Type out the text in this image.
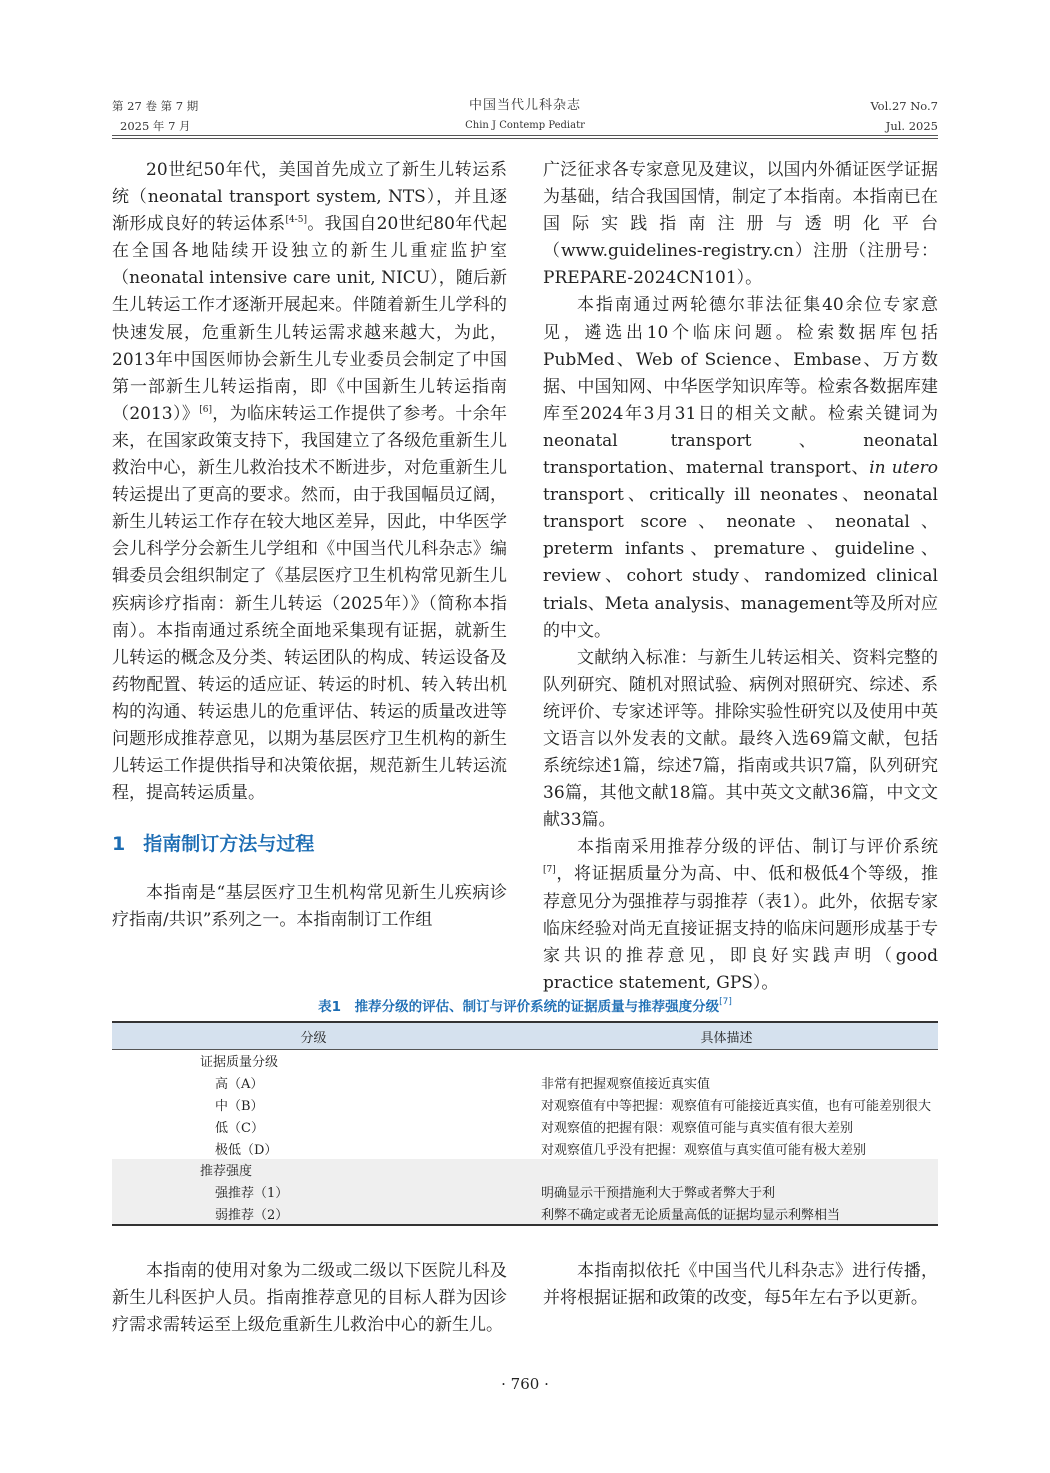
第 27 卷 第 7 期
2025 年 7 月
中国当代儿科杂志
Chin J Contemp Pediatr
Vol.27 No.7
Jul. 2025

20世纪50年代，美国首先成立了新生儿转运系统（neonatal transport system, NTS），并且逐渐形成良好的转运体系[4-5]。我国自20世纪80年代起在全国各地陆续开设独立的新生儿重症监护室（neonatal intensive care unit, NICU），随后新生儿转运工作才逐渐开展起来。伴随着新生儿学科的快速发展，危重新生儿转运需求越来越大，为此，2013年中国医师协会新生儿专业委员会制定了中国第一部新生儿转运指南，即《中国新生儿转运指南（2013）》[6]，为临床转运工作提供了参考。十余年来，在国家政策支持下，我国建立了各级危重新生儿救治中心，新生儿救治技术不断进步，对危重新生儿转运提出了更高的要求。然而，由于我国幅员辽阔，新生儿转运工作存在较大地区差异，因此，中华医学会儿科学分会新生儿学组和《中国当代儿科杂志》编辑委员会组织制定了《基层医疗卫生机构常见新生儿疾病诊疗指南：新生儿转运（2025年）》（简称本指南）。本指南通过系统全面地采集现有证据，就新生儿转运的概念及分类、转运团队的构成、转运设备及药物配置、转运的适应证、转运的时机、转入转出机构的沟通、转运患儿的危重评估、转运的质量改进等问题形成推荐意见，以期为基层医疗卫生机构的新生儿转运工作提供指导和决策依据，规范新生儿转运流程，提高转运质量。

1 指南制订方法与过程

本指南是“基层医疗卫生机构常见新生儿疾病诊疗指南/共识”系列之一。本指南制订工作组

广泛征求各专家意见及建议，以国内外循证医学证据为基础，结合我国国情，制定了本指南。本指南已在国际实践指南注册与透明化平台（www.guidelines-registry.cn）注册（注册号：PREPARE-2024CN101）。

本指南通过两轮德尔菲法征集40余位专家意见，遴选出10个临床问题。检索数据库包括PubMed、Web of Science、Embase、万方数据、中国知网、中华医学知识库等。检索各数据库建库至2024年3月31日的相关文献。检索关键词为neonatal transport、neonatal transportation、maternal transport、in utero transport、critically ill neonates、neonatal transport score、neonate、neonatal、preterm infants、premature、guideline、review、cohort study、randomized clinical trials、Meta analysis、management等及所对应的中文。

文献纳入标准：与新生儿转运相关、资料完整的队列研究、随机对照试验、病例对照研究、综述、系统评价、专家述评等。排除实验性研究以及使用中英文语言以外发表的文献。最终入选69篇文献，包括系统综述1篇，综述7篇，指南或共识7篇，队列研究36篇，其他文献18篇。其中英文文献36篇，中文文献33篇。

本指南采用推荐分级的评估、制订与评价系统[7]，将证据质量分为高、中、低和极低4个等级，推荐意见分为强推荐与弱推荐（表1）。此外，依据专家临床经验对尚无直接证据支持的临床问题形成基于专家共识的推荐意见，即良好实践声明（good practice statement, GPS）。

表1　推荐分级的评估、制订与评价系统的证据质量与推荐强度分级[7]
分级	具体描述
证据质量分级	
高（A）	非常有把握观察值接近真实值
中（B）	对观察值有中等把握：观察值有可能接近真实值，也有可能差别很大
低（C）	对观察值的把握有限：观察值可能与真实值有很大差别
极低（D）	对观察值几乎没有把握：观察值与真实值可能有极大差别
推荐强度	
强推荐（1）	明确显示干预措施利大于弊或者弊大于利
弱推荐（2）	利弊不确定或者无论质量高低的证据均显示利弊相当

本指南的使用对象为二级或二级以下医院儿科及新生儿科医护人员。指南推荐意见的目标人群为因诊疗需求需转运至上级危重新生儿救治中心的新生儿。

本指南拟依托《中国当代儿科杂志》进行传播，并将根据证据和政策的改变，每5年左右予以更新。

· 760 ·
